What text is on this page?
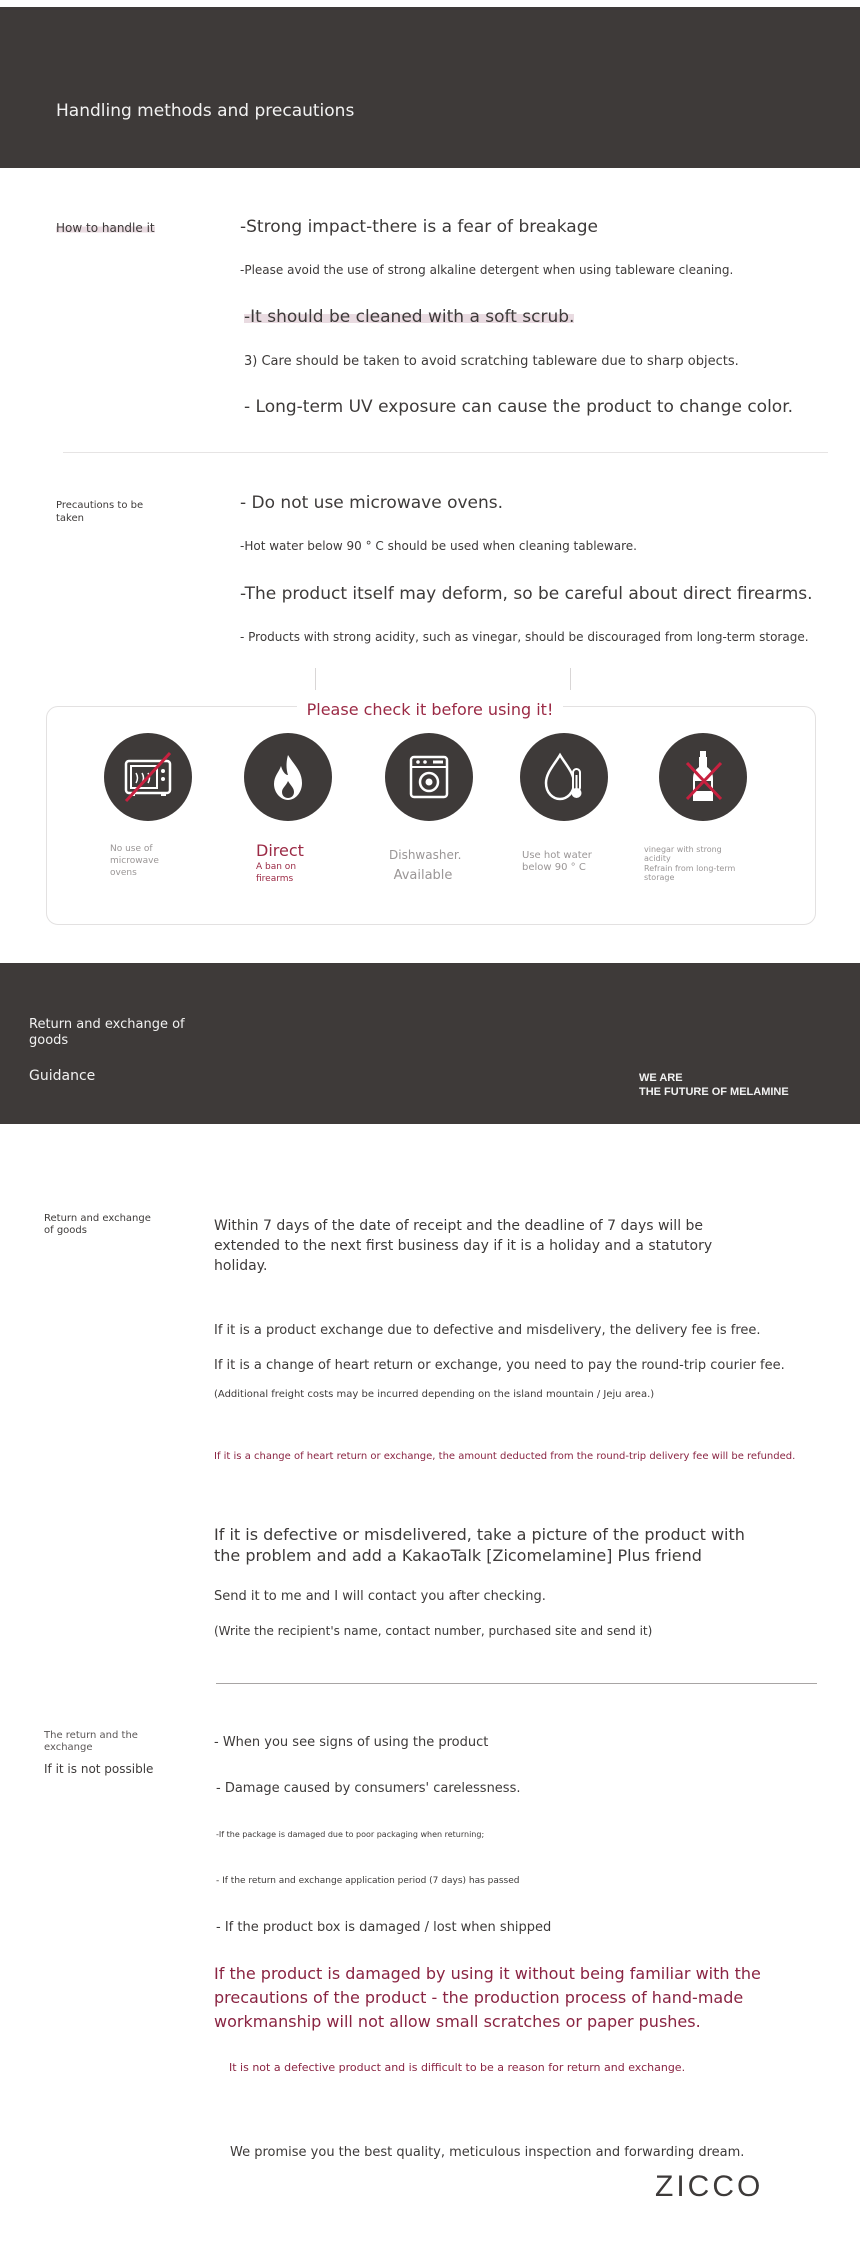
Handling methods and precautions
How to handle it	-Strong impact-there is a fear of breakage
-Please avoid the use of strong alkaline detergent when using tableware cleaning.
-It should be cleaned with a soft scrub.
3) Care should be taken to avoid scratching tableware due to sharp objects.
- Long-term UV exposure can cause the product to change color.
Precautions to be taken
- Do not use microwave ovens.
-Hot water below 90 ° C should be used when cleaning tableware.
-The product itself may deform, so be careful about direct firearms.
- Products with strong acidity, such as vinegar, should be discouraged from long-term storage.
Please check it before using it!
No use of microwave ovens
Direct
A ban on firearms
Dishwasher.
Available
Use hot water below 90 ° C
vinegar with strong acidity
Refrain from long-term storage
Return and exchange of goods
Guidance	WE ARE
THE FUTURE OF MELAMINE
Return and exchange of goods	Within 7 days of the date of receipt and the deadline of 7 days will be
extended to the next first business day if it is a holiday and a statutory
holiday.
If it is a product exchange due to defective and misdelivery, the delivery fee is free.
If it is a change of heart return or exchange, you need to pay the round-trip courier fee.
(Additional freight costs may be incurred depending on the island mountain / Jeju area.)
If it is a change of heart return or exchange, the amount deducted from the round-trip delivery fee will be refunded.
If it is defective or misdelivered, take a picture of the product with
the problem and add a KakaoTalk [Zicomelamine] Plus friend
Send it to me and I will contact you after checking.
(Write the recipient's name, contact number, purchased site and send it)
The return and the exchange
If it is not possible
- When you see signs of using the product
- Damage caused by consumers' carelessness.
-If the package is damaged due to poor packaging when returning;
- If the return and exchange application period (7 days) has passed
- If the product box is damaged / lost when shipped
If the product is damaged by using it without being familiar with the
precautions of the product - the production process of hand-made
workmanship will not allow small scratches or paper pushes.
It is not a defective product and is difficult to be a reason for return and exchange.
We promise you the best quality, meticulous inspection and forwarding dream.
ZICCO
